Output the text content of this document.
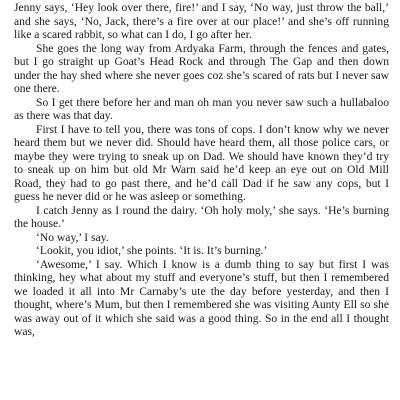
Jenny says, ‘Hey look over there, fire!’ and I say, ‘No way, just throw the ball,’ and she says, ‘No, Jack, there’s a fire over at our place!’ and she’s off running like a scared rabbit, so what can I do, I go after her.

She goes the long way from Ardyaka Farm, through the fences and gates, but I go straight up Goat’s Head Rock and through The Gap and then down under the hay shed where she never goes coz she’s scared of rats but I never saw one there.

So I get there before her and man oh man you never saw such a hullabaloo as there was that day.

First I have to tell you, there was tons of cops. I don’t know why we never heard them but we never did. Should have heard them, all those police cars, or maybe they were trying to sneak up on Dad. We should have known they’d try to sneak up on him but old Mr Warn said he’d keep an eye out on Old Mill Road, they had to go past there, and he’d call Dad if he saw any cops, but I guess he never did or he was asleep or something.

I catch Jenny as I round the dairy. ‘Oh holy moly,’ she says. ‘He’s burning the house.’

‘No way,’ I say.

‘Lookit, you idiot,’ she points. ‘It is. It’s burning.’

‘Awesome,’ I say. Which I know is a dumb thing to say but first I was thinking, hey what about my stuff and everyone’s stuff, but then I remembered we loaded it all into Mr Carnaby’s ute the day before yesterday, and then I thought, where’s Mum, but then I remembered she was visiting Aunty Ell so she was away out of it which she said was a good thing. So in the end all I thought was,
